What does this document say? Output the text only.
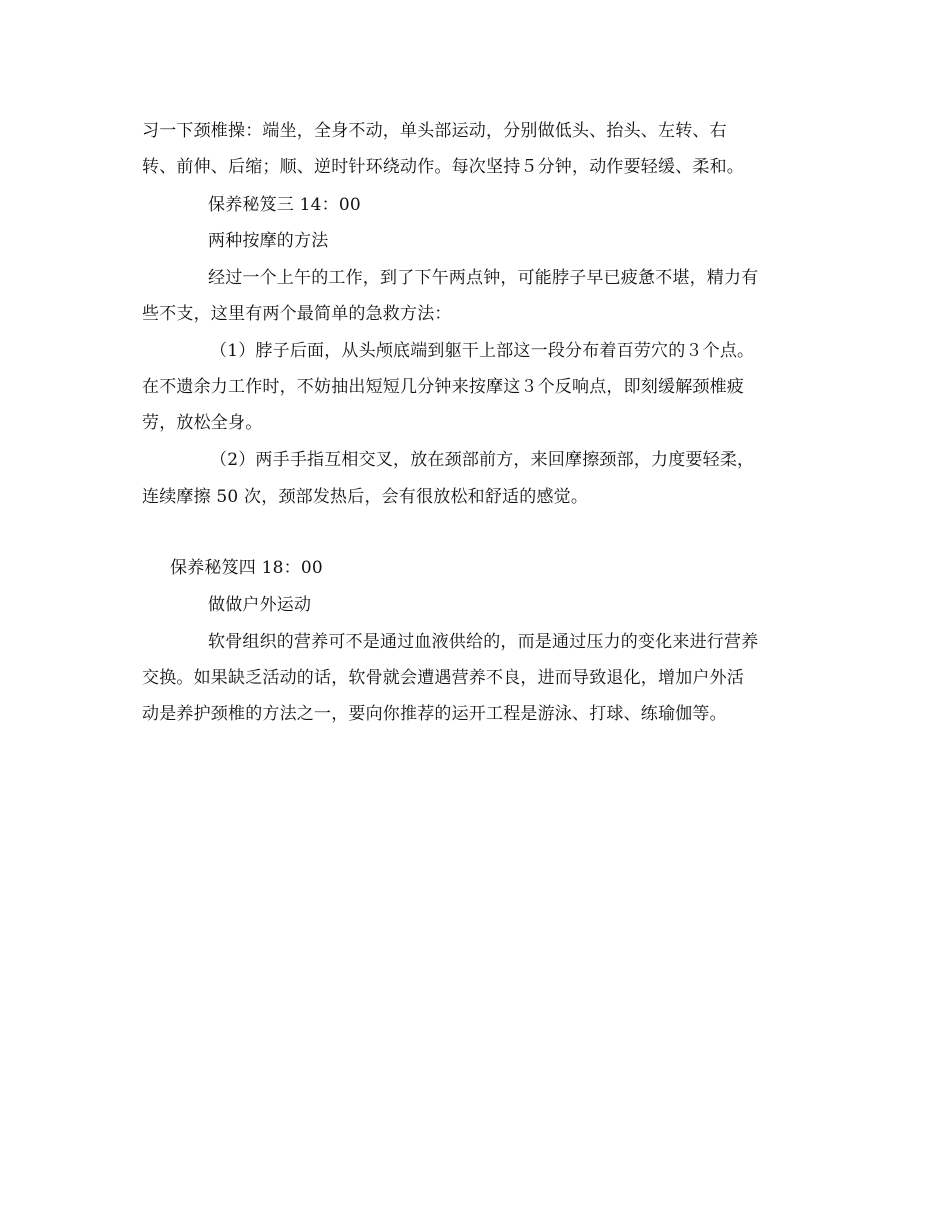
习一下颈椎操：端坐，全身不动，单头部运动，分别做低头、抬头、左转、右
转、前伸、后缩；顺、逆时针环绕动作。每次坚持５分钟，动作要轻缓、柔和。
保养秘笈三 14：00
两种按摩的方法
经过一个上午的工作，到了下午两点钟，可能脖子早已疲惫不堪，精力有
些不支，这里有两个最简单的急救方法：
（1）脖子后面，从头颅底端到躯干上部这一段分布着百劳穴的３个点。
在不遗余力工作时，不妨抽出短短几分钟来按摩这３个反响点，即刻缓解颈椎疲
劳，放松全身。
（2）两手手指互相交叉，放在颈部前方，来回摩擦颈部，力度要轻柔，
连续摩擦 50 次，颈部发热后，会有很放松和舒适的感觉。
保养秘笈四 18：00
做做户外运动
软骨组织的营养可不是通过血液供给的，而是通过压力的变化来进行营养
交换。如果缺乏活动的话，软骨就会遭遇营养不良，进而导致退化，增加户外活
动是养护颈椎的方法之一，要向你推荐的运开工程是游泳、打球、练瑜伽等。
